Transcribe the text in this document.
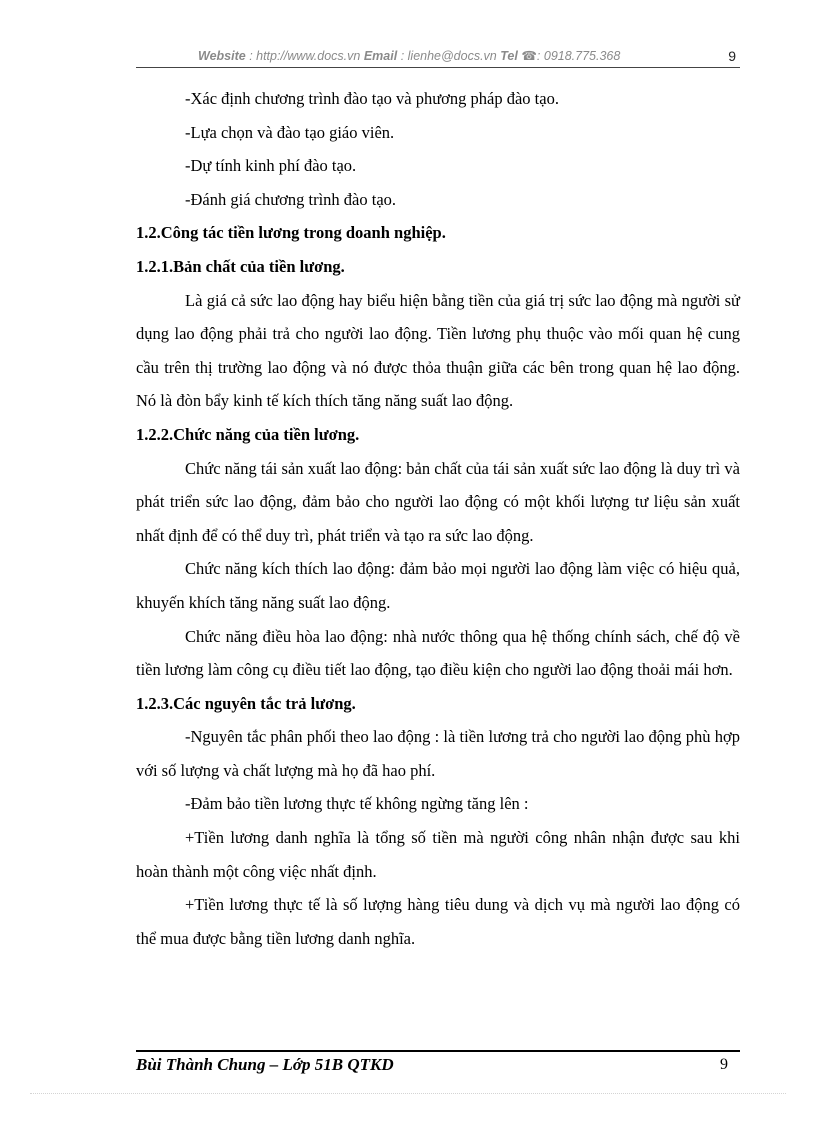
Website : http://www.docs.vn Email : lienhe@docs.vn Tel ☎: 0918.775.368	9

-Xác định chương trình đào tạo và phương pháp đào tạo.

-Lựa chọn và đào tạo giáo viên.

-Dự tính kinh phí đào tạo.

-Đánh giá chương trình đào tạo.

1.2.Công tác tiền lương trong doanh nghiệp.

1.2.1.Bản chất của tiền lương.

Là giá cả sức lao động hay biểu hiện bằng tiền của giá trị sức lao động mà người sử dụng lao động phải trả cho người lao động. Tiền lương phụ thuộc vào mối quan hệ cung cầu trên thị trường lao động và nó được thỏa thuận giữa các bên trong quan hệ lao động. Nó là đòn bẩy kinh tế kích thích tăng năng suất lao động.

1.2.2.Chức năng của tiền lương.

Chức năng tái sản xuất lao động: bản chất của tái sản xuất sức lao động là duy trì và phát triển sức lao động, đảm bảo cho người lao động có một khối lượng tư liệu sản xuất nhất định để có thể duy trì, phát triển và tạo ra sức lao động.

Chức năng kích thích lao động: đảm bảo mọi người lao động làm việc có hiệu quả, khuyến khích tăng năng suất lao động.

Chức năng điều hòa lao động: nhà nước thông qua hệ thống chính sách, chế độ về tiền lương làm công cụ điều tiết lao động, tạo điều kiện cho người lao động thoải mái hơn.

1.2.3.Các nguyên tắc trả lương.

-Nguyên tắc phân phối theo lao động : là tiền lương trả cho người lao động phù hợp với số lượng và chất lượng mà họ đã hao phí.

-Đảm bảo tiền lương thực tế không ngừng tăng lên :

+Tiền lương danh nghĩa là tổng số tiền mà người công nhân nhận được sau khi hoàn thành một công việc nhất định.

+Tiền lương thực tế là số lượng hàng tiêu dung và dịch vụ mà người lao động có thể mua được bằng tiền lương danh nghĩa.

Bùi Thành Chung – Lớp 51B QTKD	9
